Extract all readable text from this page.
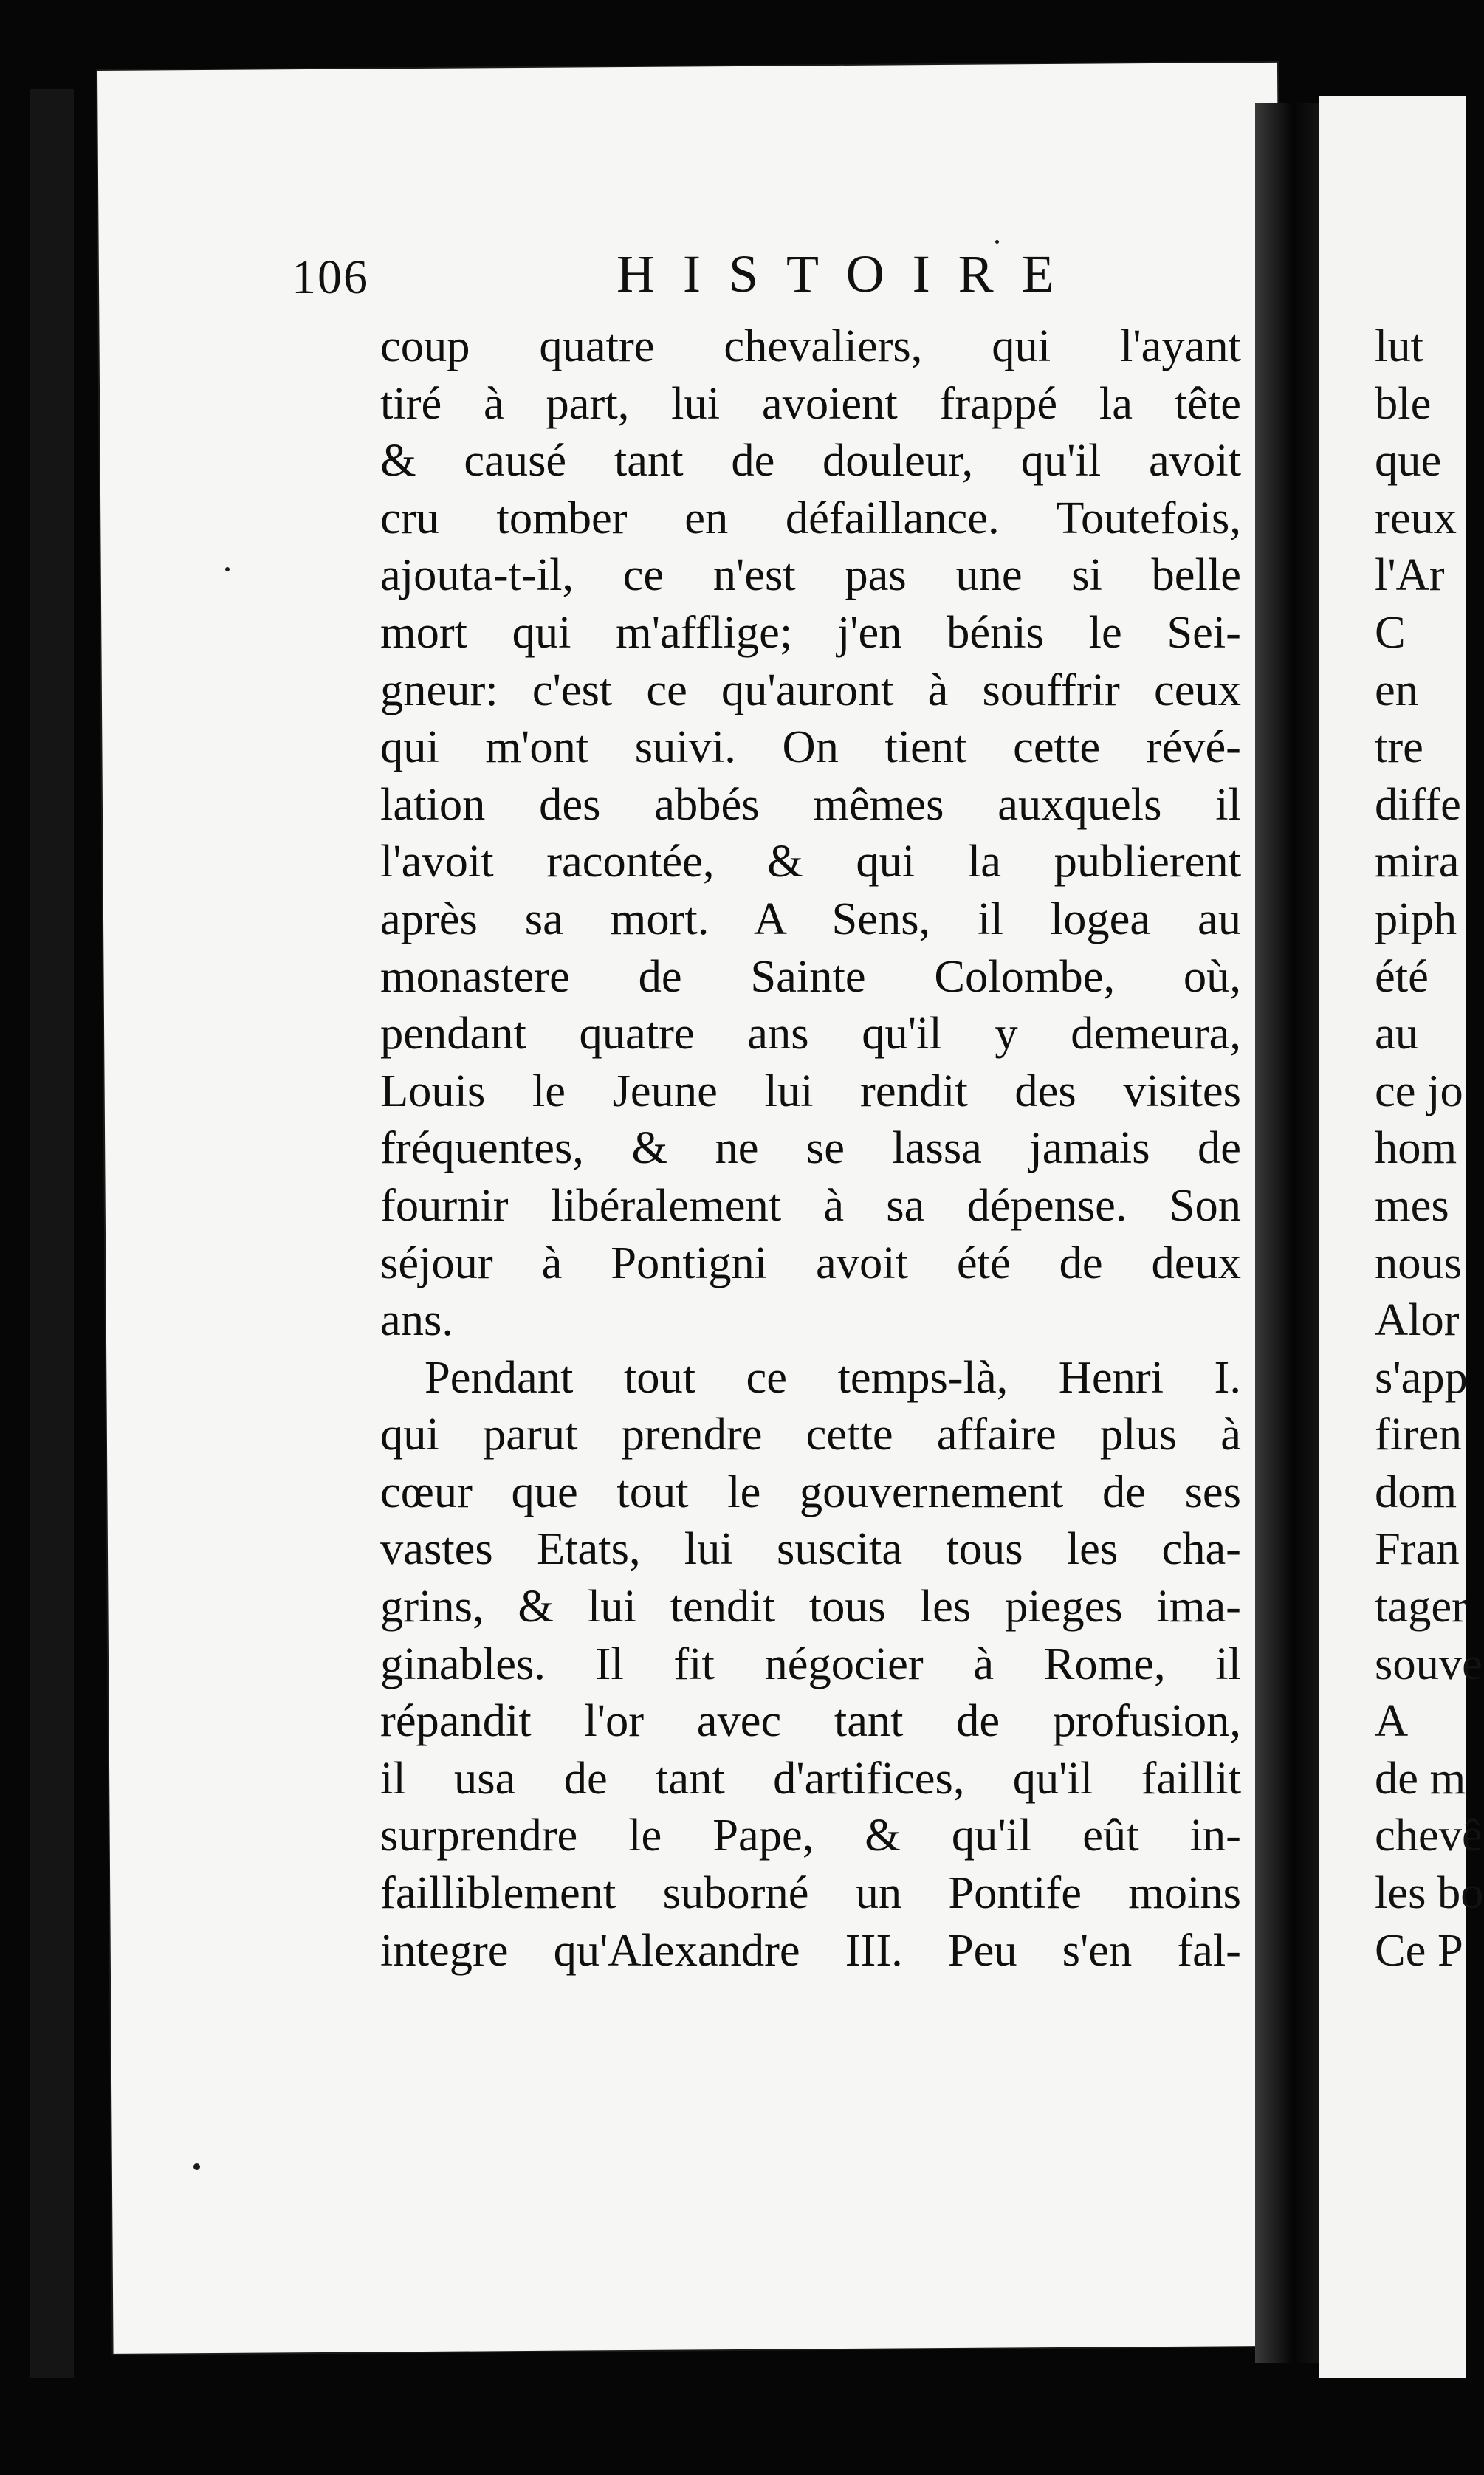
106	HISTOIRE
coup quatre chevaliers, qui l'ayant
tiré à part, lui avoient frappé la tête
& causé tant de douleur, qu'il avoit
cru tomber en défaillance. Toutefois,
ajouta-t-il, ce n'est pas une si belle
mort qui m'afflige; j'en bénis le Sei-
gneur: c'est ce qu'auront à souffrir ceux
qui m'ont suivi. On tient cette révé-
lation des abbés mêmes auxquels il
l'avoit racontée, & qui la publierent
après sa mort. A Sens, il logea au
monastere de Sainte Colombe, où,
pendant quatre ans qu'il y demeura,
Louis le Jeune lui rendit des visites
fréquentes, & ne se lassa jamais de
fournir libéralement à sa dépense. Son
séjour à Pontigni avoit été de deux
ans.
Pendant tout ce temps-là, Henri I.
qui parut prendre cette affaire plus à
cœur que tout le gouvernement de ses
vastes Etats, lui suscita tous les cha-
grins, & lui tendit tous les pieges ima-
ginables. Il fit négocier à Rome, il
répandit l'or avec tant de profusion,
il usa de tant d'artifices, qu'il faillit
surprendre le Pape, & qu'il eût in-
failliblement suborné un Pontife moins
integre qu'Alexandre III. Peu s'en fal-
lut
ble
que
reux
l'Ar
C
en
tre
diffe
mira
piph
été
au
ce jo
hom
mes
nous
Alor
s'app
firen
dom
Fran
tager
souve
A
de m
chevê
les bo
Ce P
